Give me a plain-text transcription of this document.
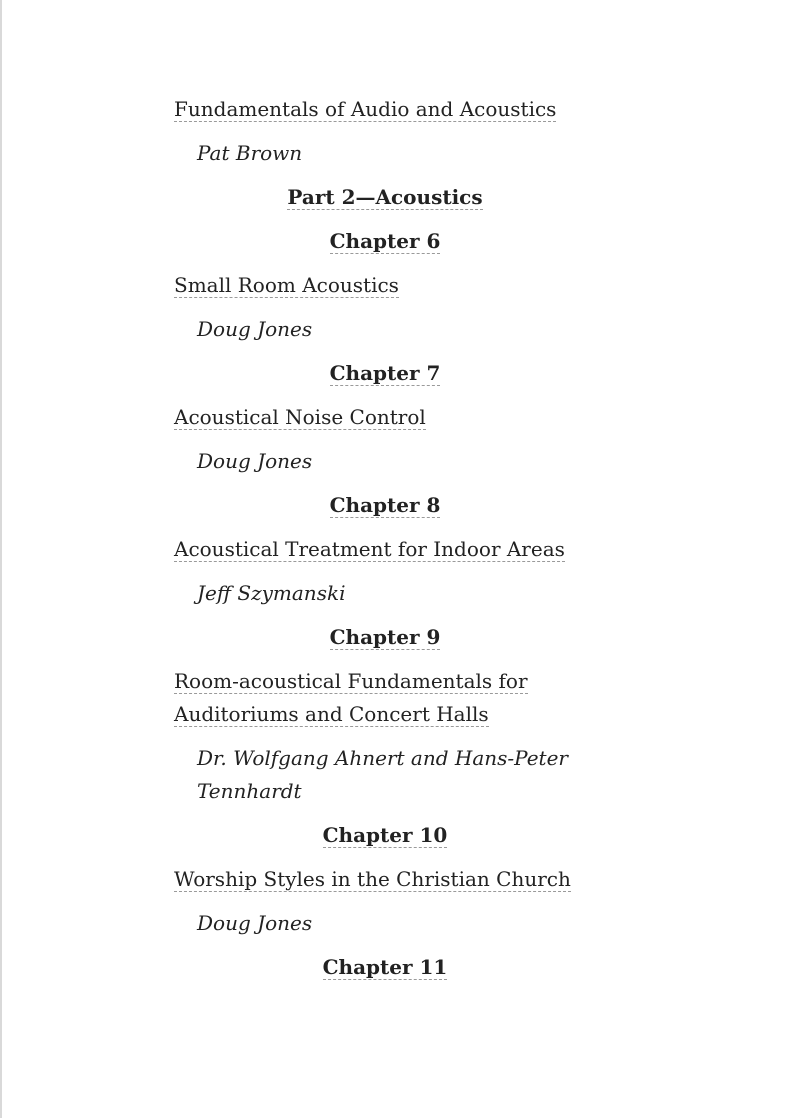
Fundamentals of Audio and Acoustics
Pat Brown
Part 2—Acoustics
Chapter 6
Small Room Acoustics
Doug Jones
Chapter 7
Acoustical Noise Control
Doug Jones
Chapter 8
Acoustical Treatment for Indoor Areas
Jeff Szymanski
Chapter 9
Room-acoustical Fundamentals for Auditoriums and Concert Halls
Dr. Wolfgang Ahnert and Hans-Peter Tennhardt
Chapter 10
Worship Styles in the Christian Church
Doug Jones
Chapter 11
